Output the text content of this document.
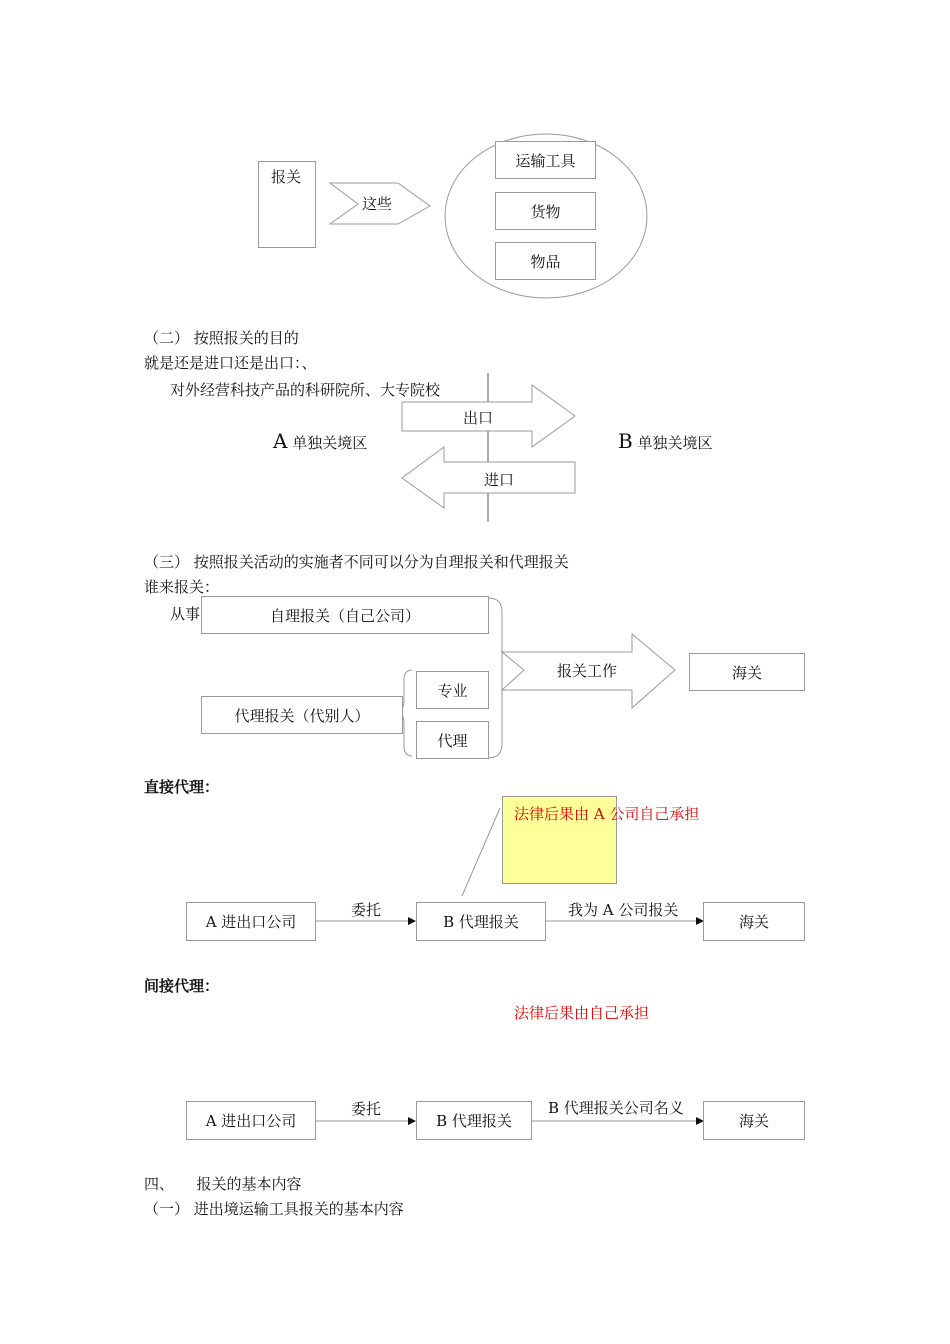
报关
这些
运输工具
货物
物品
（二） 按照报关的目的
就是还是进口还是出口：、
对外经营科技产品的科研院所、大专院校
出口
进口
A 单独关境区	B 单独关境区
（三） 按照报关活动的实施者不同可以分为自理报关和代理报关
谁来报关：
从事	自理报关（自己公司）
代理报关（代别人）
专业
代理
报关工作	海关
直接代理：
法律后果由 A 公司自己承担
A 进出口公司
委托
B 代理报关
我为 A 公司报关
海关
间接代理：
法律后果由自己承担
A 进出口公司
委托
B 代理报关
B 代理报关公司名义
海关
四、　　报关的基本内容
（一） 进出境运输工具报关的基本内容
